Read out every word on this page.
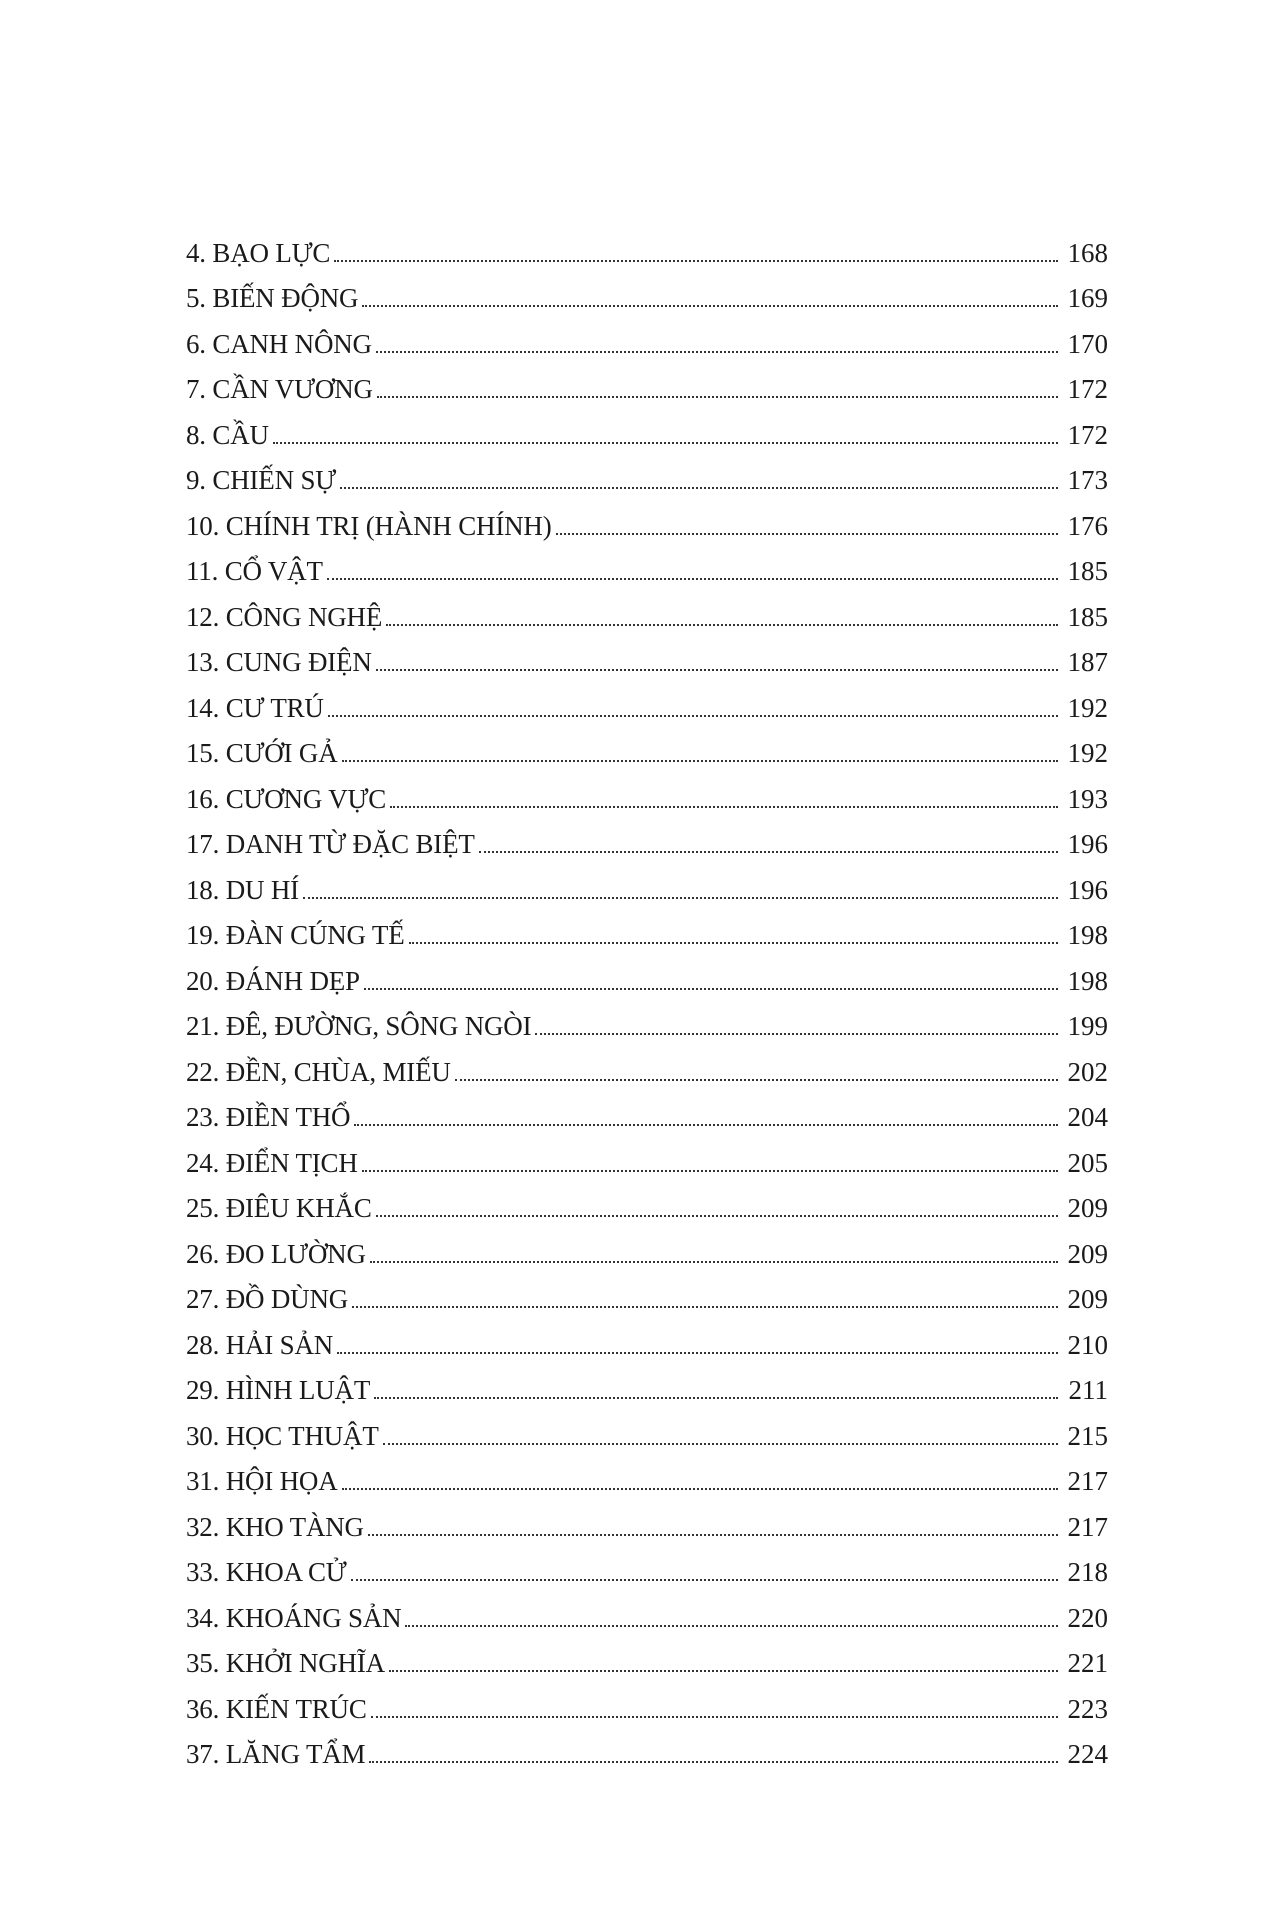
4. BẠO LỰC	168
5. BIẾN ĐỘNG	169
6. CANH NÔNG	170
7. CẦN VƯƠNG	172
8. CẦU	172
9. CHIẾN SỰ	173
10. CHÍNH TRỊ (HÀNH CHÍNH)	176
11. CỔ VẬT	185
12. CÔNG NGHỆ	185
13. CUNG ĐIỆN	187
14. CƯ TRÚ	192
15. CƯỚI GẢ	192
16. CƯƠNG VỰC	193
17. DANH TỪ ĐẶC BIỆT	196
18. DU HÍ	196
19. ĐÀN CÚNG TẾ	198
20. ĐÁNH DẸP	198
21. ĐÊ, ĐƯỜNG, SÔNG NGÒI	199
22. ĐỀN, CHÙA, MIẾU	202
23. ĐIỀN THỔ	204
24. ĐIỂN TỊCH	205
25. ĐIÊU KHẮC	209
26. ĐO LƯỜNG	209
27. ĐỒ DÙNG	209
28. HẢI SẢN	210
29. HÌNH LUẬT	211
30. HỌC THUẬT	215
31. HỘI HỌA	217
32. KHO TÀNG	217
33. KHOA CỬ	218
34. KHOÁNG SẢN	220
35. KHỞI NGHĨA	221
36. KIẾN TRÚC	223
37. LĂNG TẨM	224
